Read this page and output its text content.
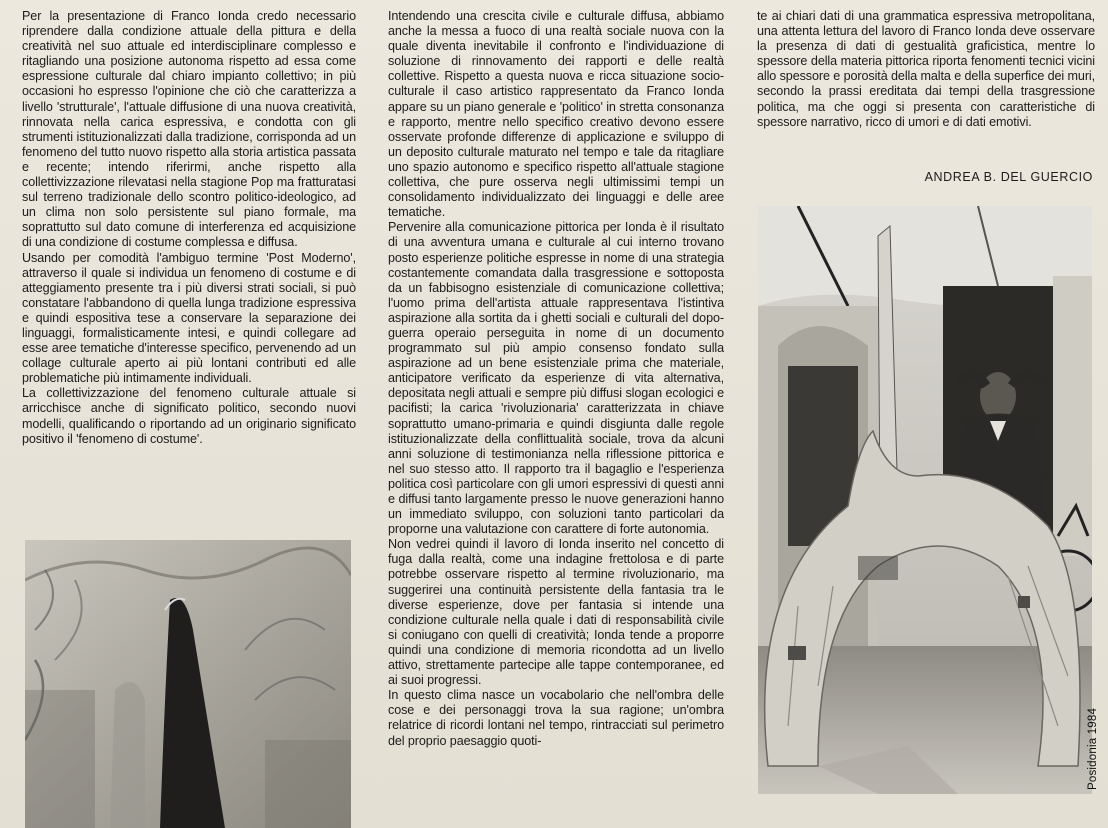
Per la presentazione di Franco Ionda credo necessario riprendere dalla condizione attuale della pittura e della creatività nel suo attuale ed interdisciplinare complesso e ritagliando una posizione autonoma rispetto ad essa come espressione culturale dal chiaro impianto collettivo; in più occasioni ho espresso l'opinione che ciò che caratterizza a livello 'strutturale', l'attuale diffusione di una nuova creatività, rinnovata nella carica espressiva, e condotta con gli strumenti istituzionalizzati dalla tradizione, corrisponda ad un fenomeno del tutto nuovo rispetto alla storia artistica passata e recente; intendo riferirmi, anche rispetto alla collettivizzazione rilevatasi nella stagione Pop ma fratturatasi sul terreno tradizionale dello scontro politico-ideologico, ad un clima non solo persistente sul piano formale, ma soprattutto sul dato comune di interferenza ed acquisizione di una condizione di costume complessa e diffusa.

Usando per comodità l'ambiguo termine 'Post Moderno', attraverso il quale si individua un fenomeno di costume e di atteggiamento presente tra i più diversi strati sociali, si può constatare l'abbandono di quella lunga tradizione espressiva e quindi espositiva tese a conservare la separazione dei linguaggi, formalisticamente intesi, e quindi collegare ad esse aree tematiche d'interesse specifico, pervenendo ad un collage culturale aperto ai più lontani contributi ed alle problematiche più intimamente individuali.

La collettivizzazione del fenomeno culturale attuale si arricchisce anche di significato politico, secondo nuovi modelli, qualificando o riportando ad un originario significato positivo il 'fenomeno di costume'.

Intendendo una crescita civile e culturale diffusa, abbiamo anche la messa a fuoco di una realtà sociale nuova con la quale diventa inevitabile il confronto e l'individuazione di soluzione di rinnovamento dei rapporti e delle realtà collettive. Rispetto a questa nuova e ricca situazione socio-culturale il caso artistico rappresentato da Franco Ionda appare su un piano generale e 'politico' in stretta consonanza e rapporto, mentre nello specifico creativo devono essere osservate profonde differenze di applicazione e sviluppo di un deposito culturale maturato nel tempo e tale da ritagliare uno spazio autonomo e specifico rispetto all'attuale stagione collettiva, che pure osserva negli ultimissimi tempi un consolidamento individualizzato dei linguaggi e delle aree tematiche.

Pervenire alla comunicazione pittorica per Ionda è il risultato di una avventura umana e culturale al cui interno trovano posto esperienze politiche espresse in nome di una strategia costantemente comandata dalla trasgressione e sottoposta da un fabbisogno esistenziale di comunicazione collettiva; l'uomo prima dell'artista attuale rappresentava l'istintiva aspirazione alla sortita da i ghetti sociali e culturali del dopo-guerra operaio perseguita in nome di un documento programmato sul più ampio consenso fondato sulla aspirazione ad un bene esistenziale prima che materiale, anticipatore verificato da esperienze di vita alternativa, depositata negli attuali e sempre più diffusi slogan ecologici e pacifisti; la carica 'rivoluzionaria' caratterizzata in chiave soprattutto umano-primaria e quindi disgiunta dalle regole istituzionalizzate della conflittualità sociale, trova da alcuni anni soluzione di testimonianza nella riflessione pittorica e nel suo stesso atto. Il rapporto tra il bagaglio e l'esperienza politica così particolare con gli umori espressivi di questi anni e diffusi tanto largamente presso le nuove generazioni hanno un immediato sviluppo, con soluzioni tanto particolari da proporne una valutazione con carattere di forte autonomia.

Non vedrei quindi il lavoro di Ionda inserito nel concetto di fuga dalla realtà, come una indagine frettolosa e di parte potrebbe osservare rispetto al termine rivoluzionario, ma suggerirei una continuità persistente della fantasia tra le diverse esperienze, dove per fantasia si intende una condizione culturale nella quale i dati di responsabilità civile si coniugano con quelli di creatività; Ionda tende a proporre quindi una condizione di memoria ricondotta ad un livello attivo, strettamente partecipe alle tappe contemporanee, ed ai suoi progressi.

In questo clima nasce un vocabolario che nell'ombra delle cose e dei personaggi trova la sua ragione; un'ombra relatrice di ricordi lontani nel tempo, rintracciati sul perimetro del proprio paesaggio quoti-

te ai chiari dati di una grammatica espressiva metropolitana, una attenta lettura del lavoro di Franco Ionda deve osservare la presenza di dati di gestualità graficistica, mentre lo spessore della materia pittorica riporta fenomenti tecnici vicini allo spessore e porosità della malta e della superfice dei muri, secondo la prassi ereditata dai tempi della trasgressione politica, ma che oggi si presenta con caratteristiche di spessore narrativo, ricco di umori e di dati emotivi.

ANDREA B. DEL GUERCIO
Posidonia 1984
